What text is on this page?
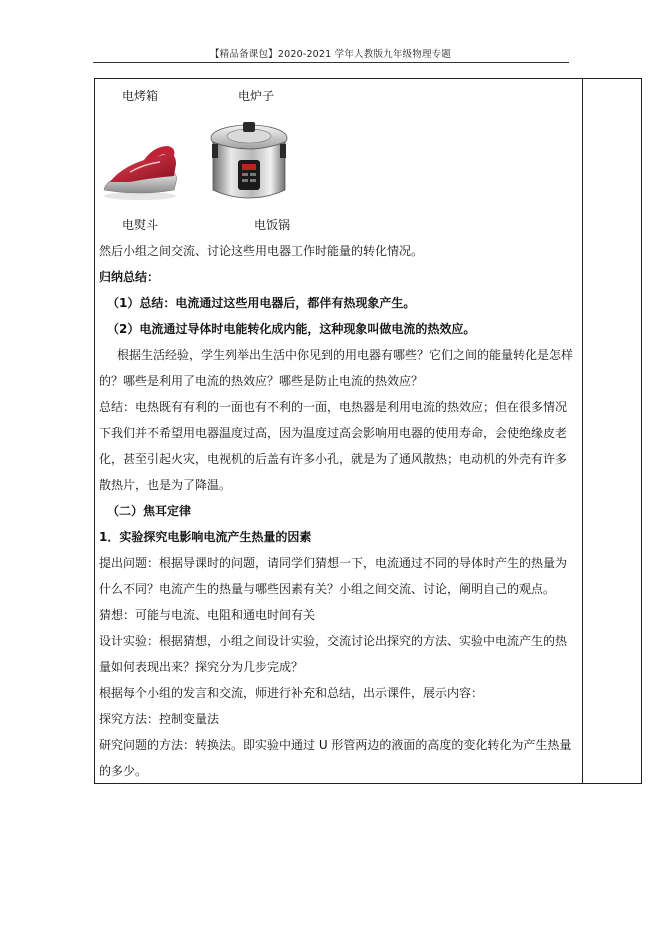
【精品备课包】2020-2021 学年人教版九年级物理专题
电烤箱	电炉子
电熨斗	电饭锅

然后小组之间交流、讨论这些用电器工作时能量的转化情况。

归纳总结：

（1）总结：电流通过这些用电器后，都伴有热现象产生。

（2）电流通过导体时电能转化成内能，这种现象叫做电流的热效应。

根据生活经验，学生列举出生活中你见到的用电器有哪些？它们之间的能量转化是怎样的？哪些是利用了电流的热效应？哪些是防止电流的热效应？

总结：电热既有有利的一面也有不利的一面，电热器是利用电流的热效应；但在很多情况下我们并不希望用电器温度过高，因为温度过高会影响用电器的使用寿命，会使绝缘皮老化，甚至引起火灾，电视机的后盖有许多小孔，就是为了通风散热；电动机的外壳有许多散热片，也是为了降温。

（二）焦耳定律

1．实验探究电影响电流产生热量的因素

提出问题：根据导课时的问题，请同学们猜想一下，电流通过不同的导体时产生的热量为什么不同？电流产生的热量与哪些因素有关？小组之间交流、讨论，阐明自己的观点。

猜想：可能与电流、电阻和通电时间有关

设计实验：根据猜想，小组之间设计实验，交流讨论出探究的方法、实验中电流产生的热量如何表现出来？探究分为几步完成？

根据每个小组的发言和交流，师进行补充和总结，出示课件，展示内容：

探究方法：控制变量法

研究问题的方法：转换法。即实验中通过 U 形管两边的液面的高度的变化转化为产生热量的多少。
